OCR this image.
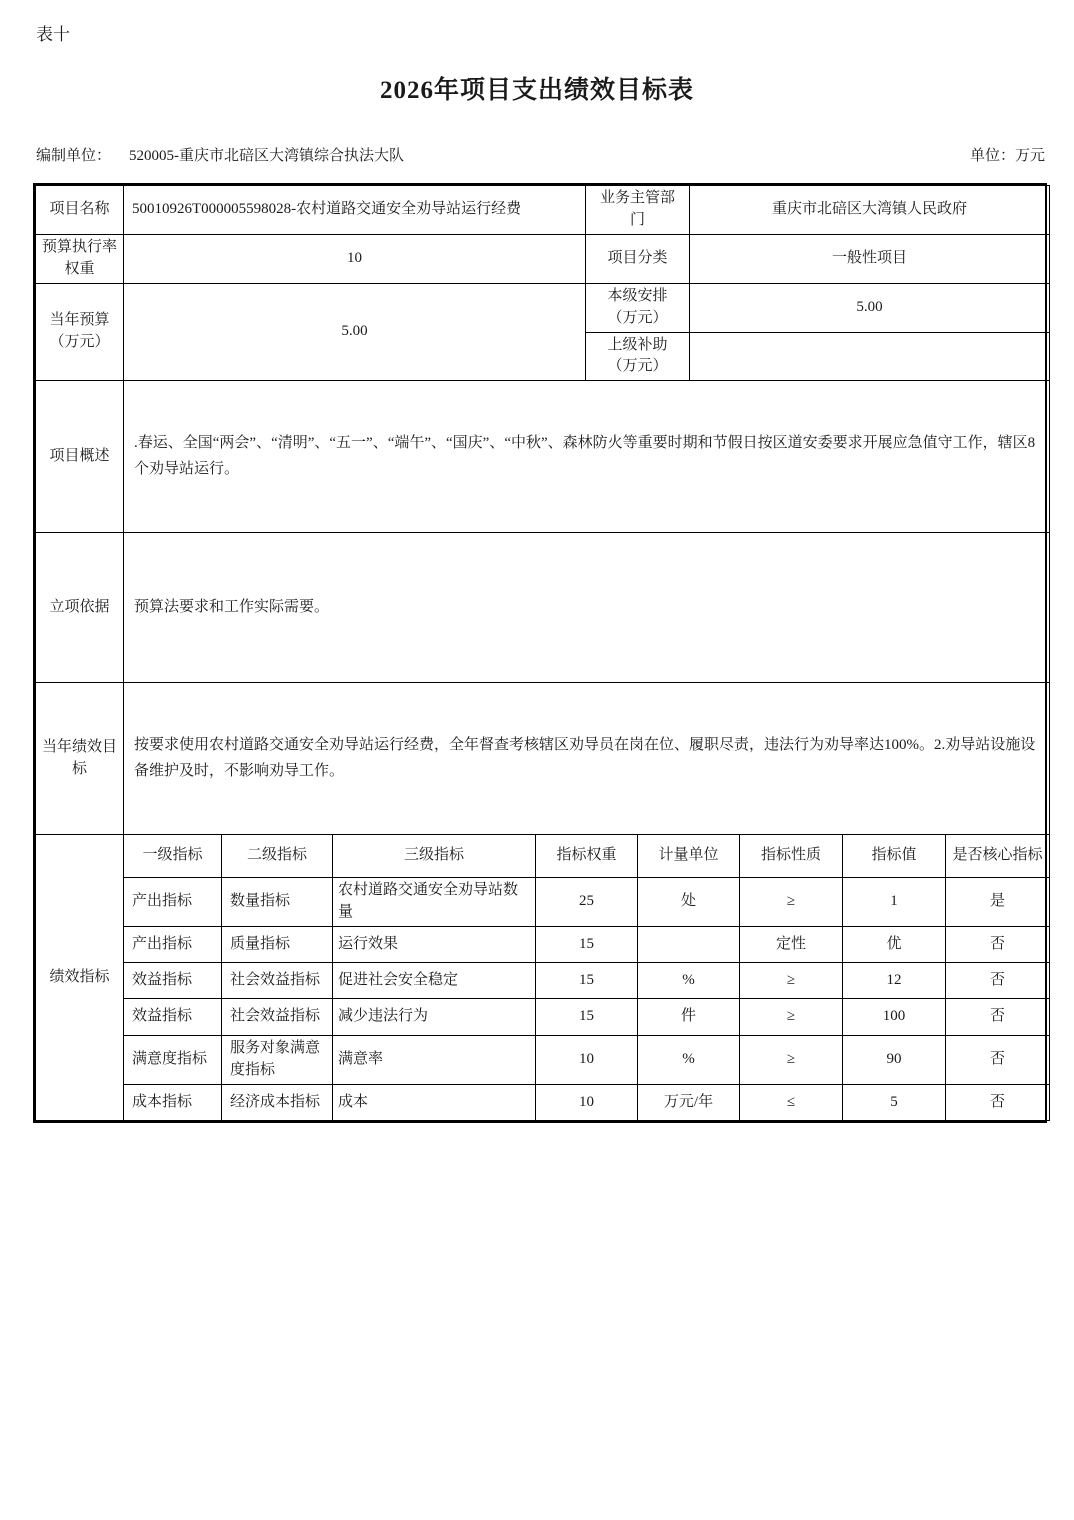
表十
2026年项目支出绩效目标表
编制单位： 520005-重庆市北碚区大湾镇综合执法大队	单位：万元
项目名称	50010926T000005598028-农村道路交通安全劝导站运行经费	业务主管部门	重庆市北碚区大湾镇人民政府
预算执行率权重	10	项目分类	一般性项目
当年预算（万元）	5.00	本级安排（万元）	5.00
		上级补助（万元）	
项目概述	.春运、全国“两会”、“清明”、“五一”、“端午”、“国庆”、“中秋”、森林防火等重要时期和节假日按区道安委要求开展应急值守工作，辖区8个劝导站运行。		
立项依据	预算法要求和工作实际需要。		
当年绩效目标	按要求使用农村道路交通安全劝导站运行经费，全年督查考核辖区劝导员在岗在位、履职尽责，违法行为劝导率达100%。2.劝导站设施设备维护及时，不影响劝导工作。		
绩效指标	一级指标	二级指标	三级指标	指标权重	计量单位	指标性质	指标值	是否核心指标
	产出指标	数量指标	农村道路交通安全劝导站数量	25	处	≥	1	是
	产出指标	质量指标	运行效果	15		定性	优	否
	效益指标	社会效益指标	促进社会安全稳定	15	%	≥	12	否
	效益指标	社会效益指标	减少违法行为	15	件	≥	100	否
	满意度指标	服务对象满意度指标	满意率	10	%	≥	90	否
	成本指标	经济成本指标	成本	10	万元/年	≤	5	否
